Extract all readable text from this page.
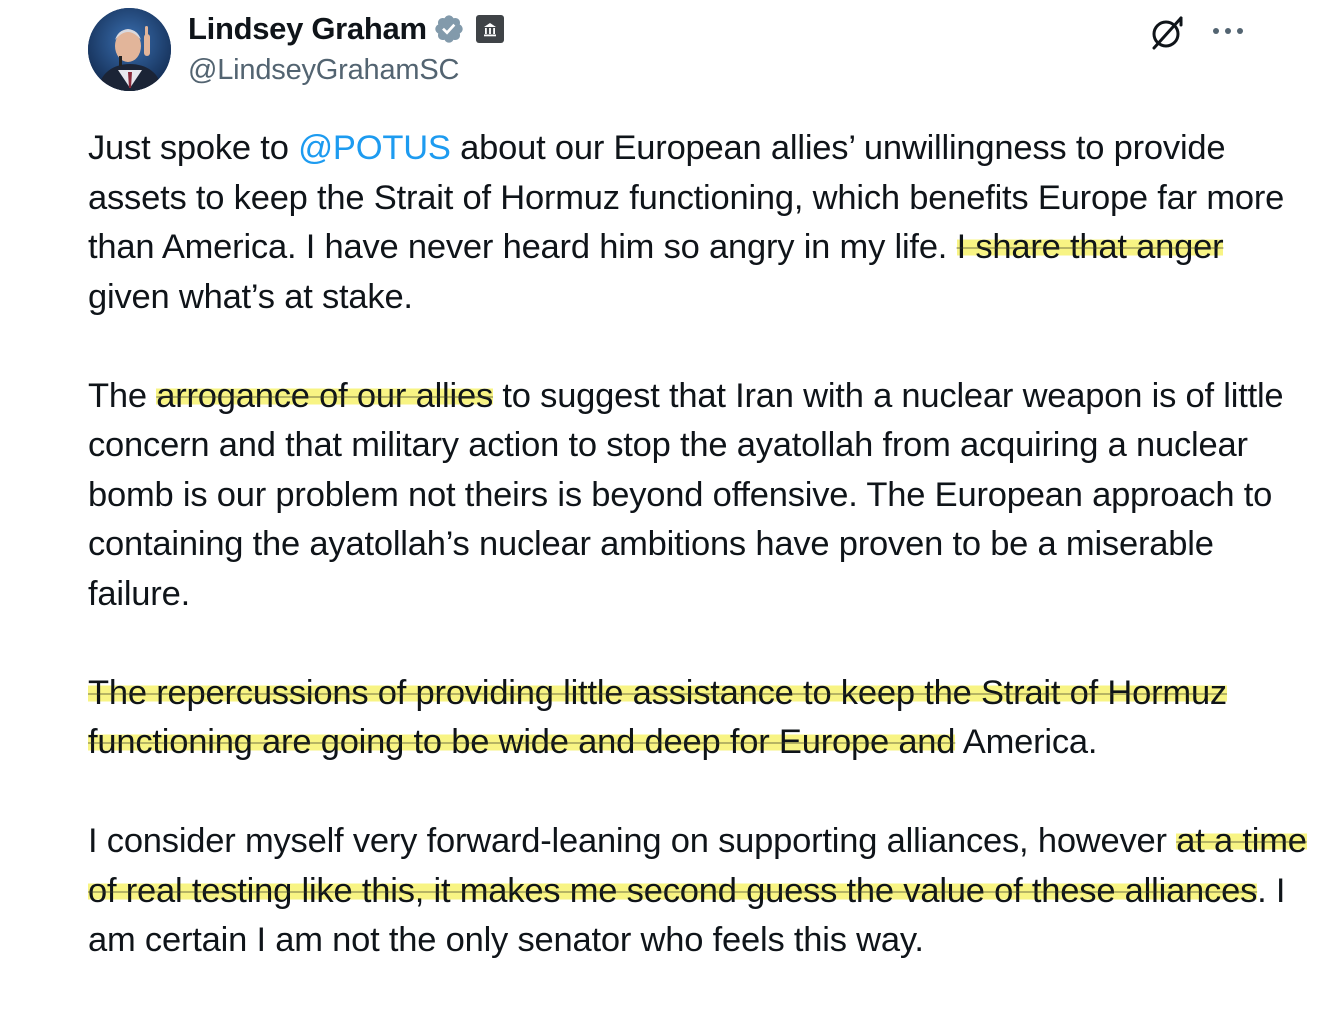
Lindsey Graham
@LindseyGrahamSC

Just spoke to @POTUS about our European allies’ unwillingness to provide assets to keep the Strait of Hormuz functioning, which benefits Europe far more than America. I have never heard him so angry in my life. I share that anger given what’s at stake.

The arrogance of our allies to suggest that Iran with a nuclear weapon is of little concern and that military action to stop the ayatollah from acquiring a nuclear bomb is our problem not theirs is beyond offensive. The European approach to containing the ayatollah’s nuclear ambitions have proven to be a miserable failure.

The repercussions of providing little assistance to keep the Strait of Hormuz functioning are going to be wide and deep for Europe and America.

I consider myself very forward-leaning on supporting alliances, however at a time of real testing like this, it makes me second guess the value of these alliances. I am certain I am not the only senator who feels this way.
